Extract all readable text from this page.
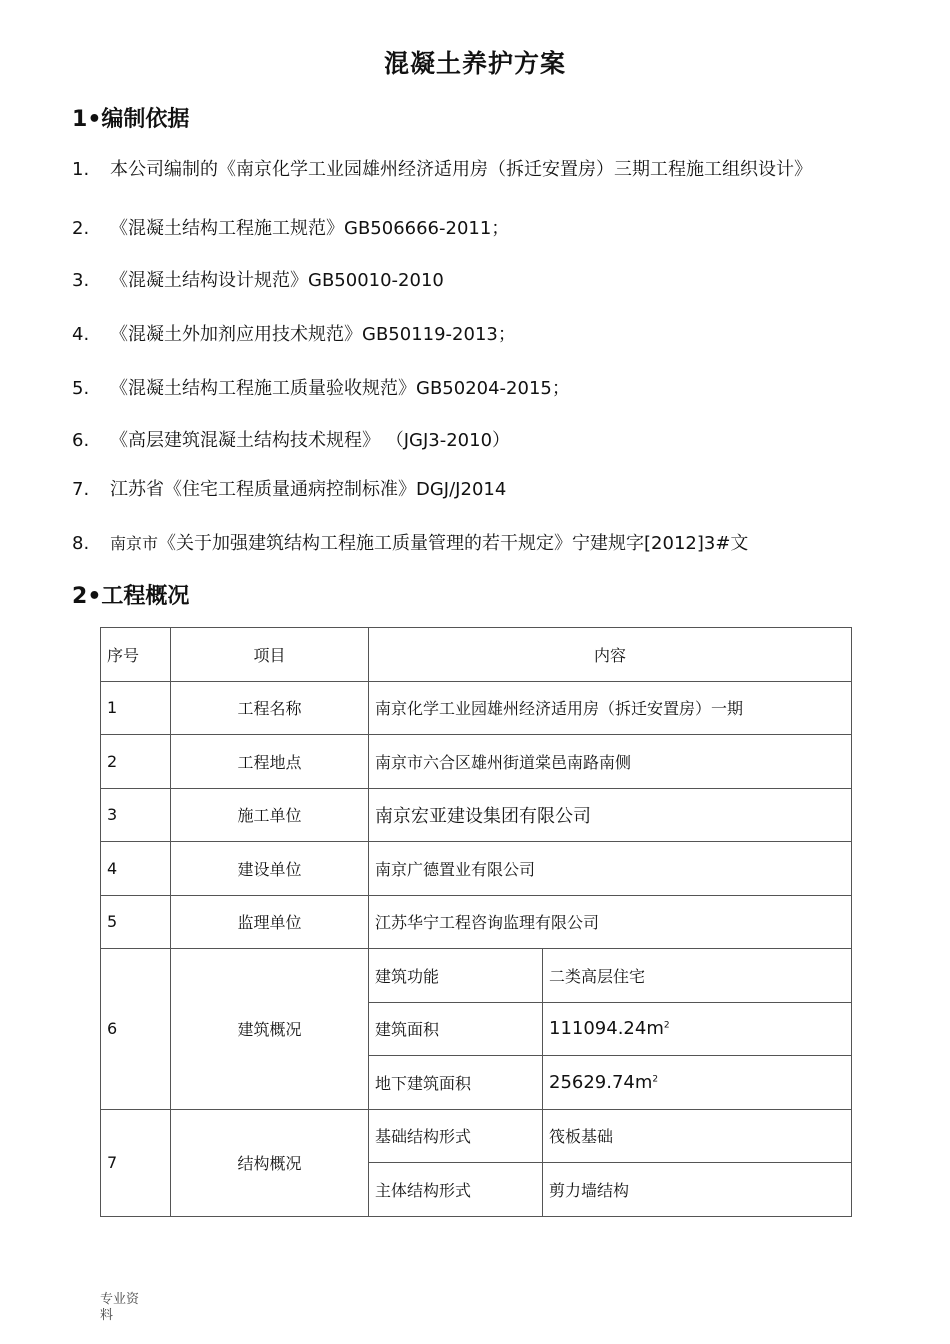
混凝土养护方案
1•编制依据
1. 本公司编制的《南京化学工业园雄州经济适用房（拆迁安置房）三期工程施工组织设计》
2. 《混凝土结构工程施工规范》GB506666-2011；
3. 《混凝土结构设计规范》GB50010-2010
4. 《混凝土外加剂应用技术规范》GB50119-2013；
5. 《混凝土结构工程施工质量验收规范》GB50204-2015；
6. 《高层建筑混凝土结构技术规程》 （JGJ3-2010）
7. 江苏省《住宅工程质量通病控制标准》DGJ/J2014
8. 南京市《关于加强建筑结构工程施工质量管理的若干规定》宁建规字[2012]3#文
2•工程概况
序号	项目	内容	
1	工程名称	南京化学工业园雄州经济适用房（拆迁安置房）一期	
2	工程地点	南京市六合区雄州街道棠邑南路南侧	
3	施工单位	南京宏亚建设集团有限公司	
4	建设单位	南京广德置业有限公司	
5	监理单位	江苏华宁工程咨询监理有限公司	
6	建筑概况	建筑功能	二类高层住宅
		建筑面积	$111094.24m^2$
		地下建筑面积	$25629.74m^2$
7	结构概况	基础结构形式	筏板基础
		主体结构形式	剪力墙结构
专业资料
